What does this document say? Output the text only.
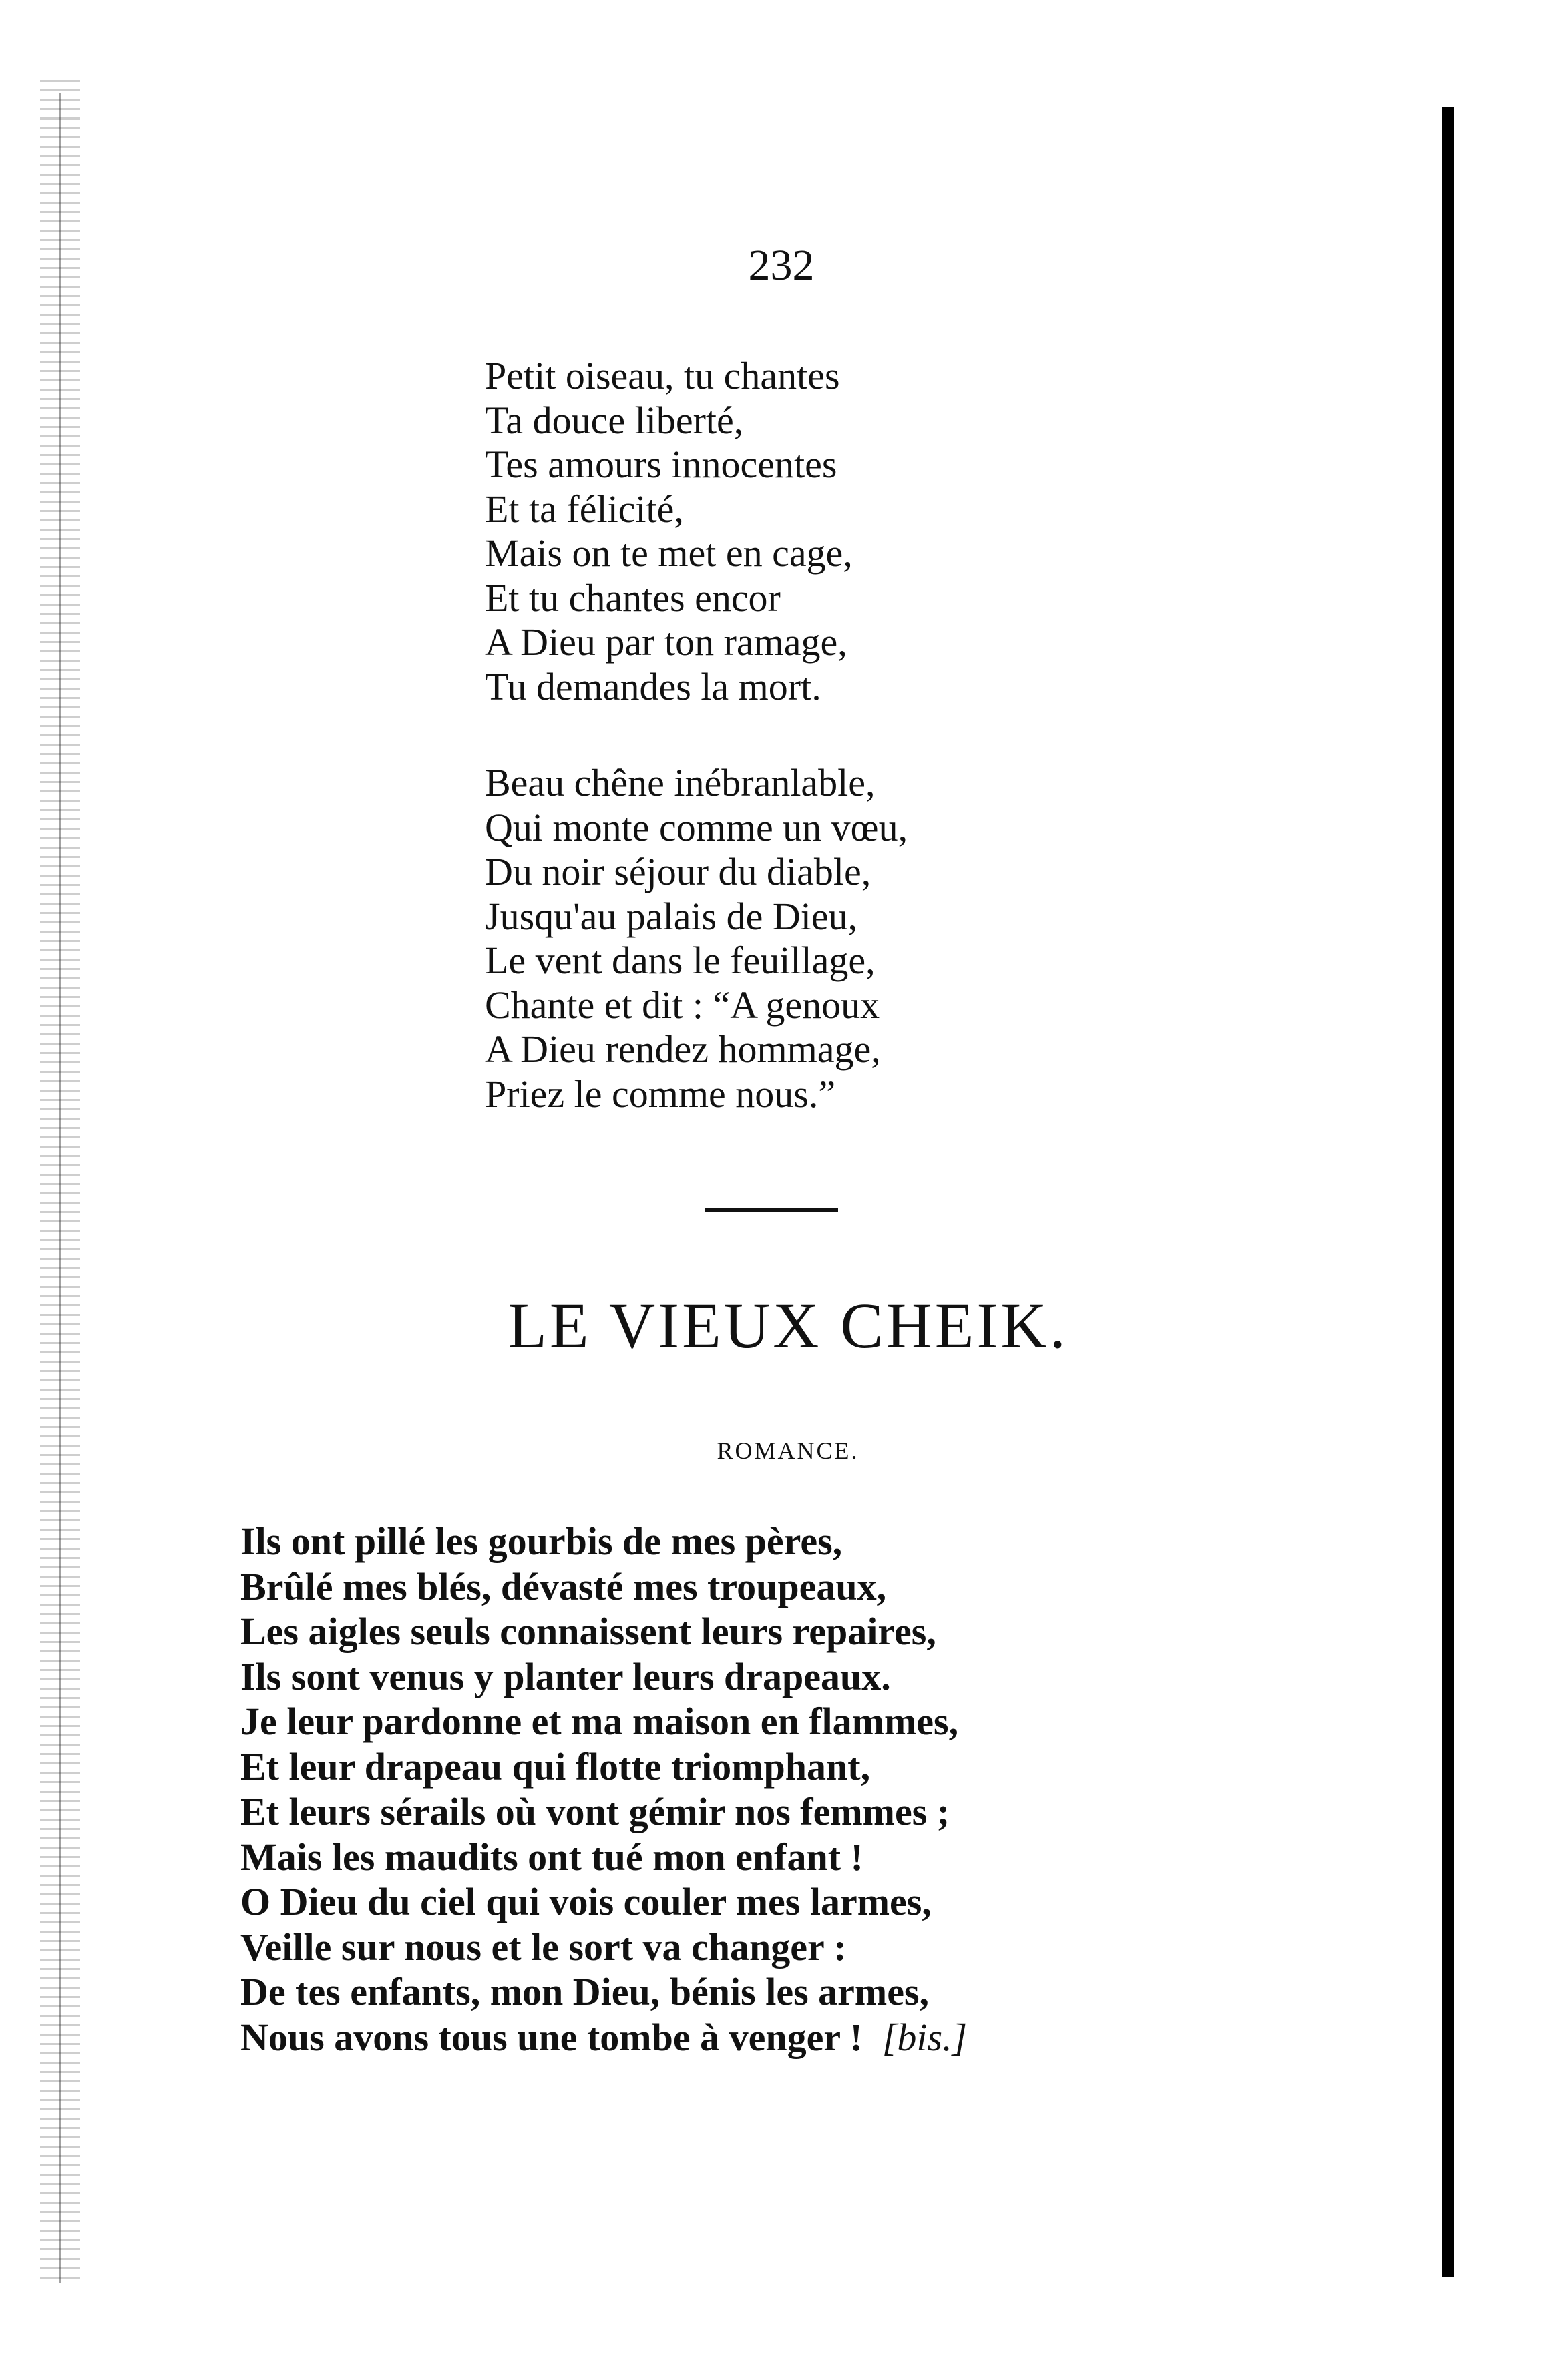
232
Petit oiseau, tu chantes
Ta douce liberté,
Tes amours innocentes
Et ta félicité,
Mais on te met en cage,
Et tu chantes encor
A Dieu par ton ramage,
Tu demandes la mort.
Beau chêne inébranlable,
Qui monte comme un vœu,
Du noir séjour du diable,
Jusqu'au palais de Dieu,
Le vent dans le feuillage,
Chante et dit : “A genoux
A Dieu rendez hommage,
Priez le comme nous.”
LE VIEUX CHEIK.
ROMANCE.
Ils ont pillé les gourbis de mes pères,
Brûlé mes blés, dévasté mes troupeaux,
Les aigles seuls connaissent leurs repaires,
Ils sont venus y planter leurs drapeaux.
Je leur pardonne et ma maison en flammes,
Et leur drapeau qui flotte triomphant,
Et leurs sérails où vont gémir nos femmes ;
Mais les maudits ont tué mon enfant !
O Dieu du ciel qui vois couler mes larmes,
Veille sur nous et le sort va changer :
De tes enfants, mon Dieu, bénis les armes,
Nous avons tous une tombe à venger ! [bis.]
